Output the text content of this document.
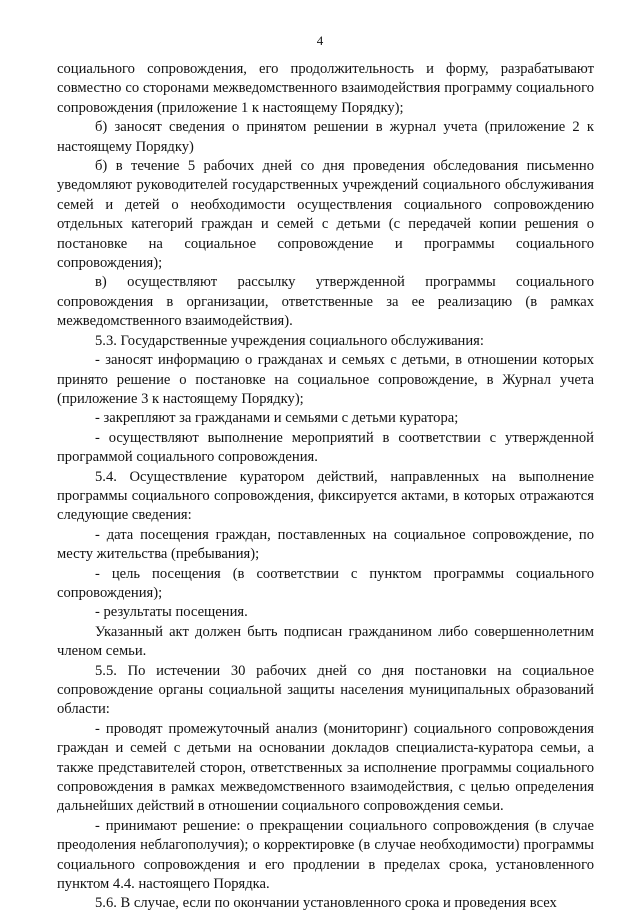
4

социального сопровождения, его продолжительность и форму, разрабатывают совместно со сторонами межведомственного взаимодействия программу социального сопровождения (приложение 1 к настоящему Порядку);

б) заносят сведения о принятом решении в журнал учета (приложение 2 к настоящему Порядку)

б) в течение 5 рабочих дней со дня проведения обследования письменно уведомляют руководителей государственных учреждений социального обслуживания семей и детей о необходимости осуществления социального сопровождению отдельных категорий граждан и семей с детьми (с передачей копии решения о постановке на социальное сопровождение и программы социального сопровождения);

в) осуществляют рассылку утвержденной программы социального сопровождения в организации, ответственные за ее реализацию (в рамках межведомственного взаимодействия).

5.3. Государственные учреждения социального обслуживания:

- заносят информацию о гражданах и семьях с детьми, в отношении которых принято решение о постановке на социальное сопровождение, в Журнал учета (приложение 3 к настоящему Порядку);

- закрепляют за гражданами и семьями с детьми куратора;

- осуществляют выполнение мероприятий в соответствии с утвержденной программой социального сопровождения.

5.4. Осуществление куратором действий, направленных на выполнение программы социального сопровождения, фиксируется актами, в которых отражаются следующие сведения:

- дата посещения граждан, поставленных на социальное сопровождение, по месту жительства (пребывания);

- цель посещения (в соответствии с пунктом программы социального сопровождения);

- результаты посещения.

Указанный акт должен быть подписан гражданином либо совершеннолетним членом семьи.

5.5. По истечении 30 рабочих дней со дня постановки на социальное сопровождение органы социальной защиты населения муниципальных образований области:

- проводят промежуточный анализ (мониторинг) социального сопровождения граждан и семей с детьми на основании докладов специалиста-куратора семьи, а также представителей сторон, ответственных за исполнение программы социального сопровождения в рамках межведомственного взаимодействия, с целью определения дальнейших действий в отношении социального сопровождения семьи.

- принимают решение: о прекращении социального сопровождения (в случае преодоления неблагополучия); о корректировке (в случае необходимости) программы социального сопровождения и его продлении в пределах срока, установленного пунктом 4.4. настоящего Порядка.

5.6. В случае, если по окончании установленного срока и проведения всех
